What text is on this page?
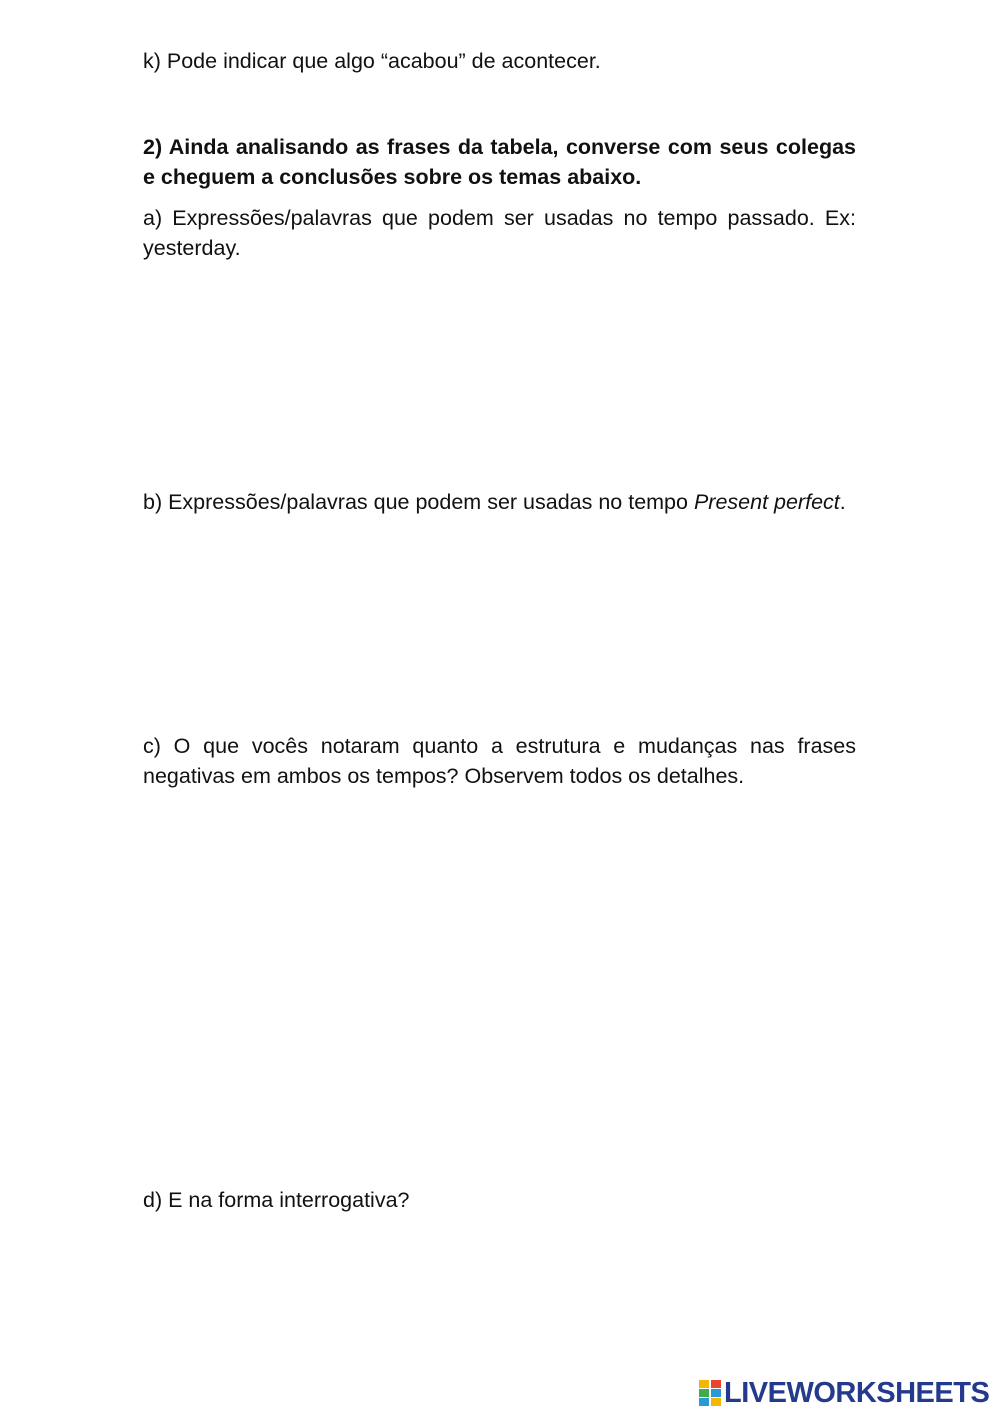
k) Pode indicar que algo “acabou” de acontecer.

2) Ainda analisando as frases da tabela, converse com seus colegas e cheguem a conclusões sobre os temas abaixo.

a) Expressões/palavras que podem ser usadas no tempo passado. Ex: yesterday.

b) Expressões/palavras que podem ser usadas no tempo Present perfect.

c) O que vocês notaram quanto a estrutura e mudanças nas frases negativas em ambos os tempos? Observem todos os detalhes.

d) E na forma interrogativa?

LIVEWORKSHEETS
